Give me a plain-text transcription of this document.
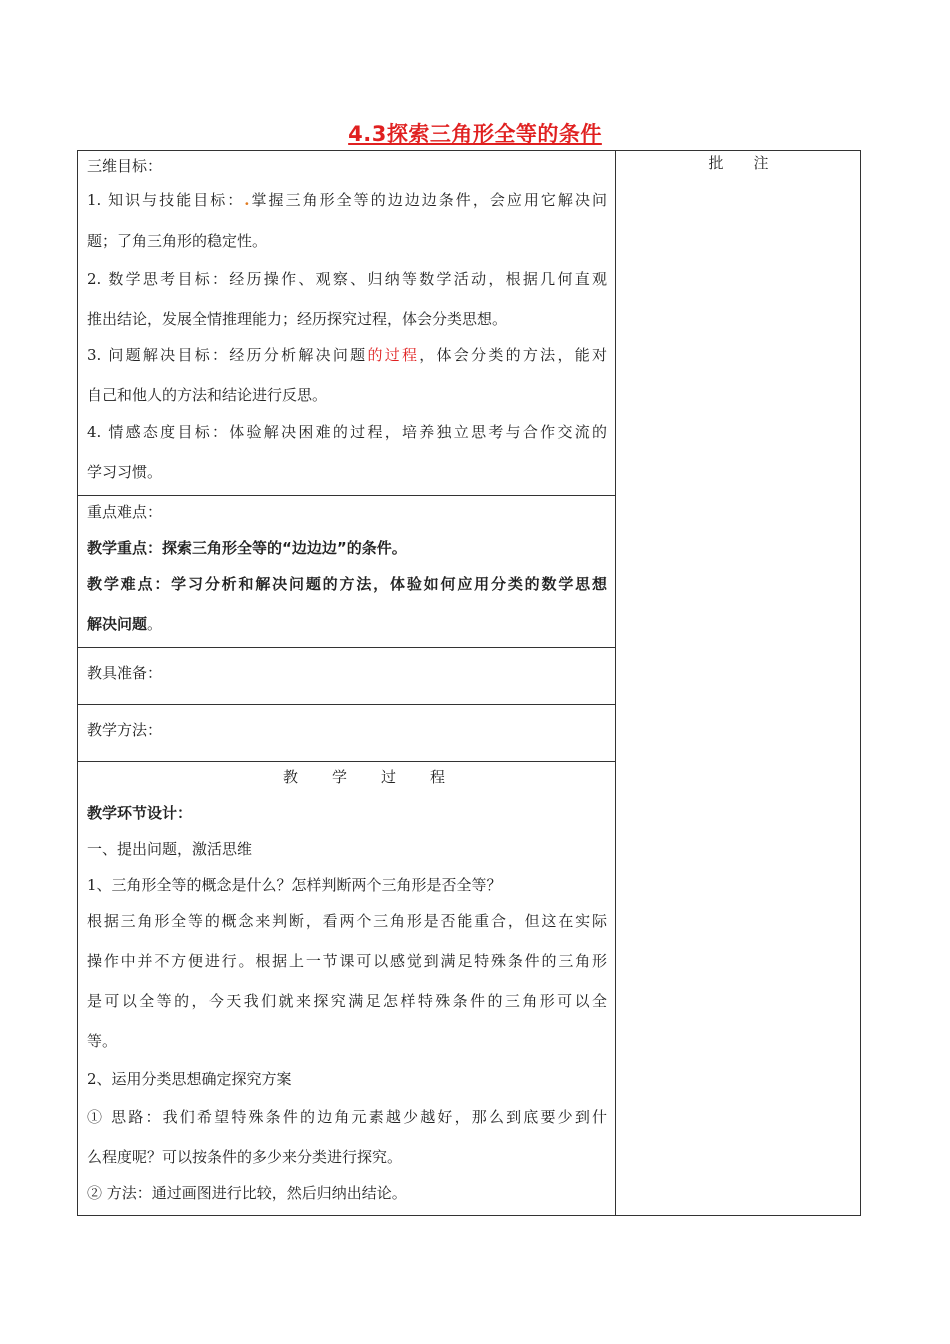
4.3探索三角形全等的条件
批注
三维目标：
1. 知识与技能目标：.掌握三角形全等的边边边条件，会应用它解决问
题；了角三角形的稳定性。
2. 数学思考目标：经历操作、观察、归纳等数学活动，根据几何直观
推出结论，发展全情推理能力；经历探究过程，体会分类思想。
3. 问题解决目标：经历分析解决问题的过程，体会分类的方法，能对
自己和他人的方法和结论进行反思。
4. 情感态度目标：体验解决困难的过程，培养独立思考与合作交流的
学习习惯。
重点难点：
教学重点：探索三角形全等的“边边边”的条件。
教学难点：学习分析和解决问题的方法，体验如何应用分类的数学思想
解决问题。
教具准备：
教学方法：
教学过程
教学环节设计：
一、提出问题，激活思维
1、三角形全等的概念是什么？怎样判断两个三角形是否全等？
根据三角形全等的概念来判断，看两个三角形是否能重合，但这在实际
操作中并不方便进行。根据上一节课可以感觉到满足特殊条件的三角形
是可以全等的，今天我们就来探究满足怎样特殊条件的三角形可以全
等。
2、运用分类思想确定探究方案
① 思路：我们希望特殊条件的边角元素越少越好，那么到底要少到什
么程度呢？可以按条件的多少来分类进行探究。
② 方法：通过画图进行比较，然后归纳出结论。
